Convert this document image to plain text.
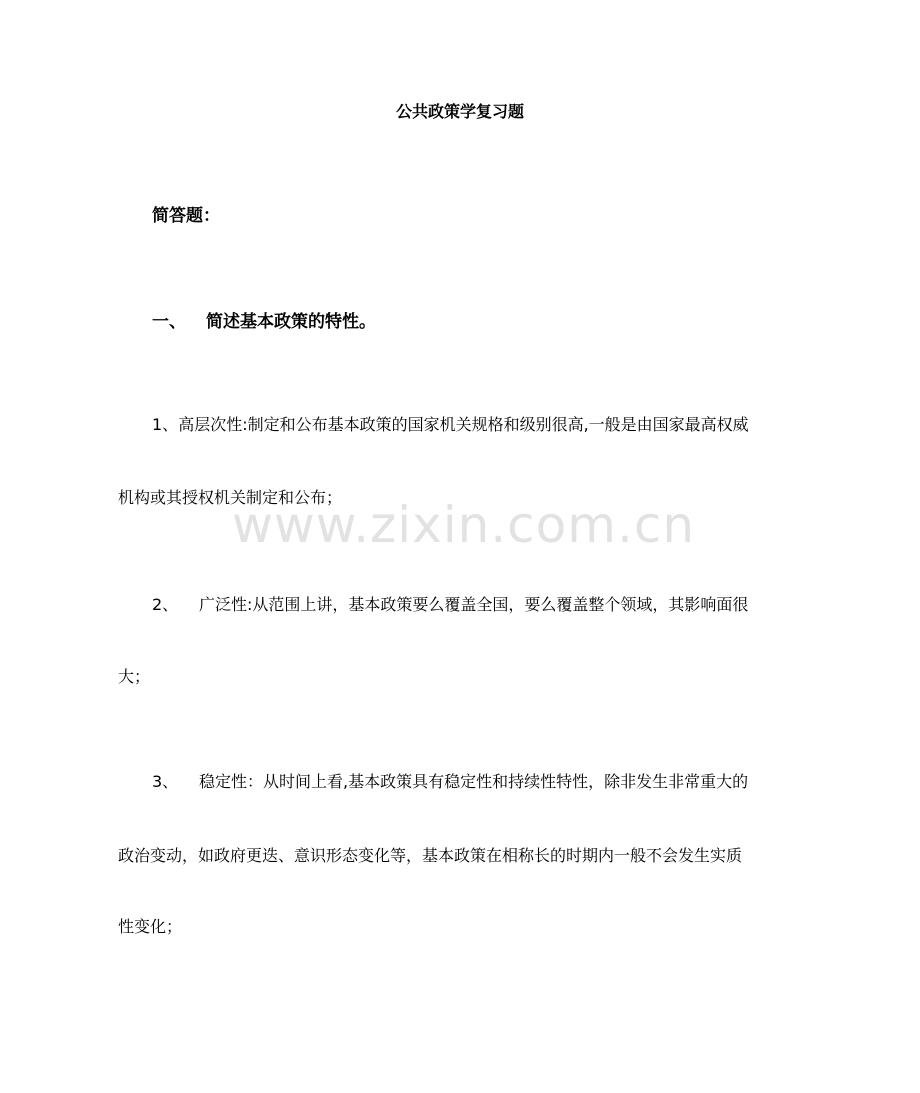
公共政策学复习题
简答题：
一、 简述基本政策的特性。
1、高层次性:制定和公布基本政策的国家机关规格和级别很高,一般是由国家最高权威
机构或其授权机关制定和公布；
2、 广泛性:从范围上讲，基本政策要么覆盖全国，要么覆盖整个领域，其影响面很
大；
3、 稳定性：从时间上看,基本政策具有稳定性和持续性特性，除非发生非常重大的
政治变动，如政府更迭、意识形态变化等，基本政策在相称长的时期内一般不会发生实质
性变化；
www.zixin.com.cn
